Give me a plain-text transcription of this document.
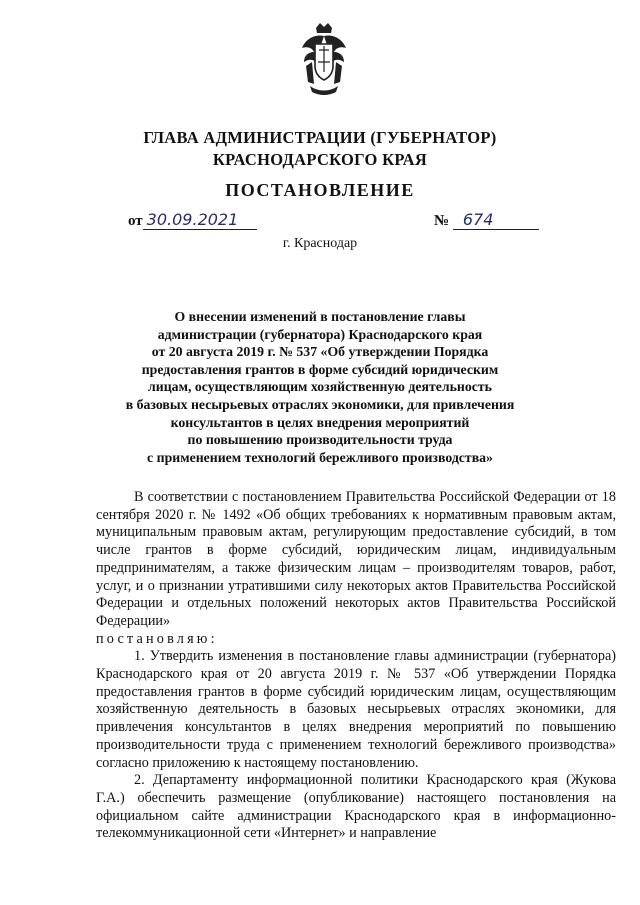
ГЛАВА АДМИНИСТРАЦИИ (ГУБЕРНАТОР)
КРАСНОДАРСКОГО КРАЯ
ПОСТАНОВЛЕНИЕ
от 30.09.2021	№ 674
г. Краснодар
О внесении изменений в постановление главы
администрации (губернатора) Краснодарского края
от 20 августа 2019 г. № 537 «Об утверждении Порядка
предоставления грантов в форме субсидий юридическим
лицам, осуществляющим хозяйственную деятельность
в базовых несырьевых отраслях экономики, для привлечения
консультантов в целях внедрения мероприятий
по повышению производительности труда
с применением технологий бережливого производства»

В соответствии с постановлением Правительства Российской Федерации от 18 сентября 2020 г. № 1492 «Об общих требованиях к нормативным правовым актам, муниципальным правовым актам, регулирующим предоставление субсидий, в том числе грантов в форме субсидий, юридическим лицам, индивидуальным предпринимателям, а также физическим лицам – производителям товаров, работ, услуг, и о признании утратившими силу некоторых актов Правительства Российской Федерации и отдельных положений некоторых актов Правительства Российской Федерации»

постановляю:

1. Утвердить изменения в постановление главы администрации (губернатора) Краснодарского края от 20 августа 2019 г. № 537 «Об утверждении Порядка предоставления грантов в форме субсидий юридическим лицам, осуществляющим хозяйственную деятельность в базовых несырьевых отраслях экономики, для привлечения консультантов в целях внедрения мероприятий по повышению производительности труда с применением технологий бережливого производства» согласно приложению к настоящему постановлению.

2. Департаменту информационной политики Краснодарского края (Жукова Г.А.) обеспечить размещение (опубликование) настоящего постановления на официальном сайте администрации Краснодарского края в информационно-телекоммуникационной сети «Интернет» и направление
